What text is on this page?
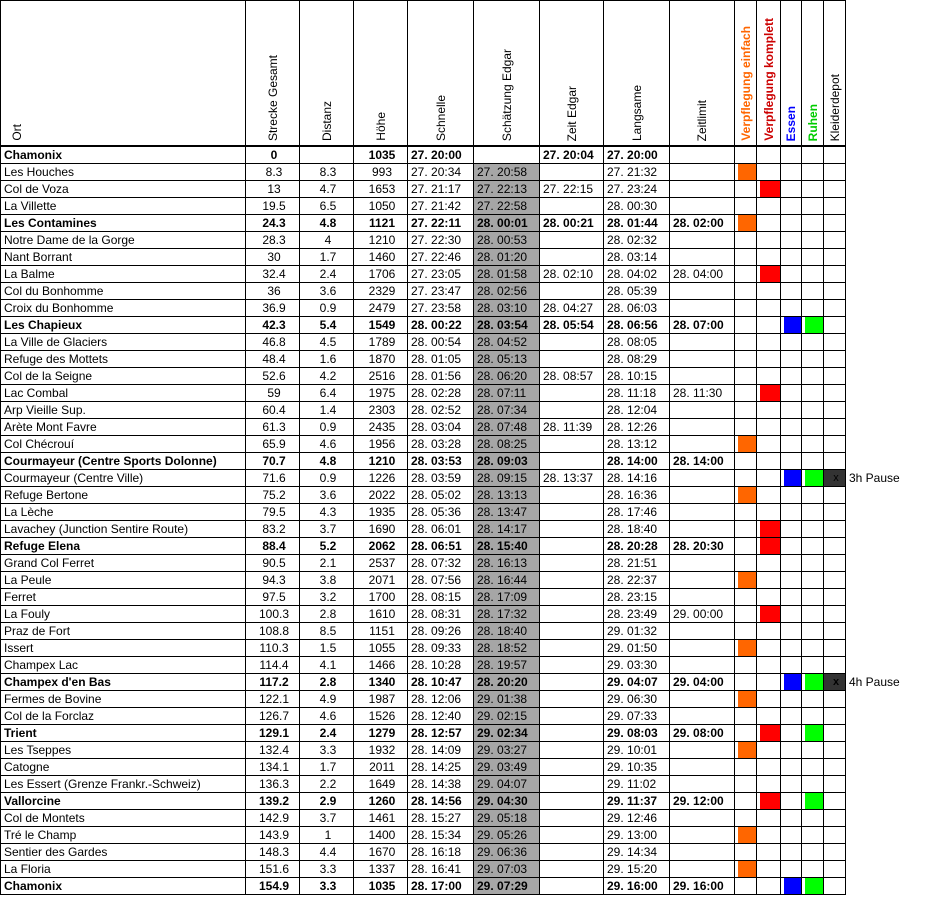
Ort	Strecke Gesamt	Distanz	Höhe	Schnelle	Schätzung Edgar	Zeit Edgar	Langsame	Zeitlimit	Verpflegung einfach	Verpflegung komplett	Essen	Ruhen	Kleiderdepot	

Chamonix	0		1035	27. 20:00		27. 20:04	27. 20:00							
Les Houches	8.3	8.3	993	27. 20:34	27. 20:58		27. 21:32		

Col de Voza	13	4.7	1653	27. 21:17	27. 22:13	27. 22:15	27. 23:24			

La Villette	19.5	6.5	1050	27. 21:42	27. 22:58		28. 00:30							
Les Contamines	24.3	4.8	1121	27. 22:11	28. 00:01	28. 00:21	28. 01:44	28. 02:00	

Notre Dame de la Gorge	28.3	4	1210	27. 22:30	28. 00:53		28. 02:32							
Nant Borrant	30	1.7	1460	27. 22:46	28. 01:20		28. 03:14							
La Balme	32.4	2.4	1706	27. 23:05	28. 01:58	28. 02:10	28. 04:02	28. 04:00		

Col du Bonhomme	36	3.6	2329	27. 23:47	28. 02:56		28. 05:39							
Croix du Bonhomme	36.9	0.9	2479	27. 23:58	28. 03:10	28. 04:27	28. 06:03							
Les Chapieux	42.3	5.4	1549	28. 00:22	28. 03:54	28. 05:54	28. 06:56	28. 07:00			

La Ville de Glaciers	46.8	4.5	1789	28. 00:54	28. 04:52		28. 08:05							
Refuge des Mottets	48.4	1.6	1870	28. 01:05	28. 05:13		28. 08:29							
Col de la Seigne	52.6	4.2	2516	28. 01:56	28. 06:20	28. 08:57	28. 10:15							
Lac Combal	59	6.4	1975	28. 02:28	28. 07:11		28. 11:18	28. 11:30		

Arp Vieille Sup.	60.4	1.4	2303	28. 02:52	28. 07:34		28. 12:04							
Arète Mont Favre	61.3	0.9	2435	28. 03:04	28. 07:48	28. 11:39	28. 12:26							
Col Chécrouí	65.9	4.6	1956	28. 03:28	28. 08:25		28. 13:12		

Courmayeur (Centre Sports Dolonne)	70.7	4.8	1210	28. 03:53	28. 09:03		28. 14:00	28. 14:00						
Courmayeur (Centre Ville)	71.6	0.9	1226	28. 03:59	28. 09:15	28. 13:37	28. 14:16						x	3h Pause
Refuge Bertone	75.2	3.6	2022	28. 05:02	28. 13:13		28. 16:36		

La Lèche	79.5	4.3	1935	28. 05:36	28. 13:47		28. 17:46							
Lavachey (Junction Sentire Route)	83.2	3.7	1690	28. 06:01	28. 14:17		28. 18:40			

Refuge Elena	88.4	5.2	2062	28. 06:51	28. 15:40		28. 20:28	28. 20:30		

Grand Col Ferret	90.5	2.1	2537	28. 07:32	28. 16:13		28. 21:51							
La Peule	94.3	3.8	2071	28. 07:56	28. 16:44		28. 22:37		

Ferret	97.5	3.2	1700	28. 08:15	28. 17:09		28. 23:15							
La Fouly	100.3	2.8	1610	28. 08:31	28. 17:32		28. 23:49	29. 00:00		

Praz de Fort	108.8	8.5	1151	28. 09:26	28. 18:40		29. 01:32							
Issert	110.3	1.5	1055	28. 09:33	28. 18:52		29. 01:50		

Champex Lac	114.4	4.1	1466	28. 10:28	28. 19:57		29. 03:30							
Champex d'en Bas	117.2	2.8	1340	28. 10:47	28. 20:20		29. 04:07	29. 04:00					x	4h Pause
Fermes de Bovine	122.1	4.9	1987	28. 12:06	29. 01:38		29. 06:30		

Col de la Forclaz	126.7	4.6	1526	28. 12:40	29. 02:15		29. 07:33							
Trient	129.1	2.4	1279	28. 12:57	29. 02:34		29. 08:03	29. 08:00		

Les Tseppes	132.4	3.3	1932	28. 14:09	29. 03:27		29. 10:01		

Catogne	134.1	1.7	2011	28. 14:25	29. 03:49		29. 10:35							
Les Essert (Grenze Frankr.-Schweiz)	136.3	2.2	1649	28. 14:38	29. 04:07		29. 11:02							
Vallorcine	139.2	2.9	1260	28. 14:56	29. 04:30		29. 11:37	29. 12:00		

Col de Montets	142.9	3.7	1461	28. 15:27	29. 05:18		29. 12:46							
Tré le Champ	143.9	1	1400	28. 15:34	29. 05:26		29. 13:00		

Sentier des Gardes	148.3	4.4	1670	28. 16:18	29. 06:36		29. 14:34							
La Floria	151.6	3.3	1337	28. 16:41	29. 07:03		29. 15:20		

Chamonix	154.9	3.3	1035	28. 17:00	29. 07:29		29. 16:00	29. 16:00			
